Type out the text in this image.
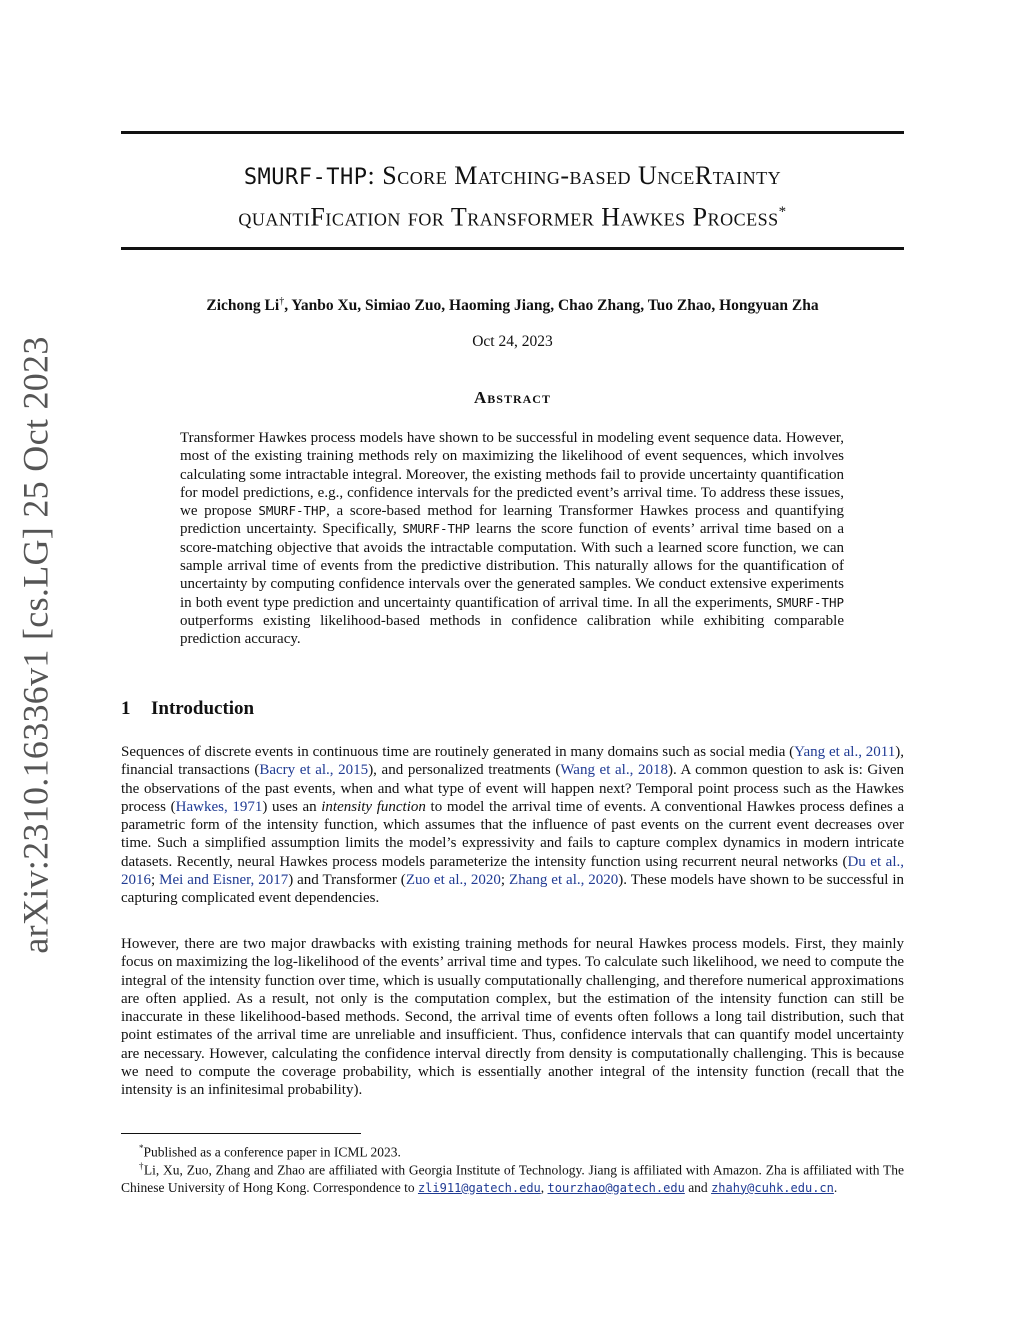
arXiv:2310.16336v1 [cs.LG] 25 Oct 2023
SMURF-THP: Score Matching-based UnceRtainty
quantiFication for Transformer Hawkes Process*

Zichong Li†, Yanbo Xu, Simiao Zuo, Haoming Jiang, Chao Zhang, Tuo Zhao, Hongyuan Zha

Oct 24, 2023

Abstract

Transformer Hawkes process models have shown to be successful in modeling event sequence data. However, most of the existing training methods rely on maximizing the likelihood of event sequences, which involves calculating some intractable integral. Moreover, the existing methods fail to provide uncertainty quantification for model predictions, e.g., confidence intervals for the predicted event’s arrival time. To address these issues, we propose SMURF-THP, a score-based method for learning Transformer Hawkes process and quantifying prediction uncertainty. Specifically, SMURF-THP learns the score function of events’ arrival time based on a score-matching objective that avoids the intractable computation. With such a learned score function, we can sample arrival time of events from the predictive distribution. This naturally allows for the quantification of uncertainty by computing confidence intervals over the generated samples. We conduct extensive experiments in both event type prediction and uncertainty quantification of arrival time. In all the experiments, SMURF-THP outperforms existing likelihood-based methods in confidence calibration while exhibiting comparable prediction accuracy.

1 Introduction

Sequences of discrete events in continuous time are routinely generated in many domains such as social media (Yang et al., 2011), financial transactions (Bacry et al., 2015), and personalized treatments (Wang et al., 2018). A common question to ask is: Given the observations of the past events, when and what type of event will happen next? Temporal point process such as the Hawkes process (Hawkes, 1971) uses an intensity function to model the arrival time of events. A conventional Hawkes process defines a parametric form of the intensity function, which assumes that the influence of past events on the current event decreases over time. Such a simplified assumption limits the model’s expressivity and fails to capture complex dynamics in modern intricate datasets. Recently, neural Hawkes process models parameterize the intensity function using recurrent neural networks (Du et al., 2016; Mei and Eisner, 2017) and Transformer (Zuo et al., 2020; Zhang et al., 2020). These models have shown to be successful in capturing complicated event dependencies.

However, there are two major drawbacks with existing training methods for neural Hawkes process models. First, they mainly focus on maximizing the log-likelihood of the events’ arrival time and types. To calculate such likelihood, we need to compute the integral of the intensity function over time, which is usually computationally challenging, and therefore numerical approximations are often applied. As a result, not only is the computation complex, but the estimation of the intensity function can still be inaccurate in these likelihood-based methods. Second, the arrival time of events often follows a long tail distribution, such that point estimates of the arrival time are unreliable and insufficient. Thus, confidence intervals that can quantify model uncertainty are necessary. However, calculating the confidence interval directly from density is computationally challenging. This is because we need to compute the coverage probability, which is essentially another integral of the intensity function (recall that the intensity is an infinitesimal probability).

*Published as a conference paper in ICML 2023.

†Li, Xu, Zuo, Zhang and Zhao are affiliated with Georgia Institute of Technology. Jiang is affiliated with Amazon. Zha is affiliated with The Chinese University of Hong Kong. Correspondence to zli911@gatech.edu, tourzhao@gatech.edu and zhahy@cuhk.edu.cn.
